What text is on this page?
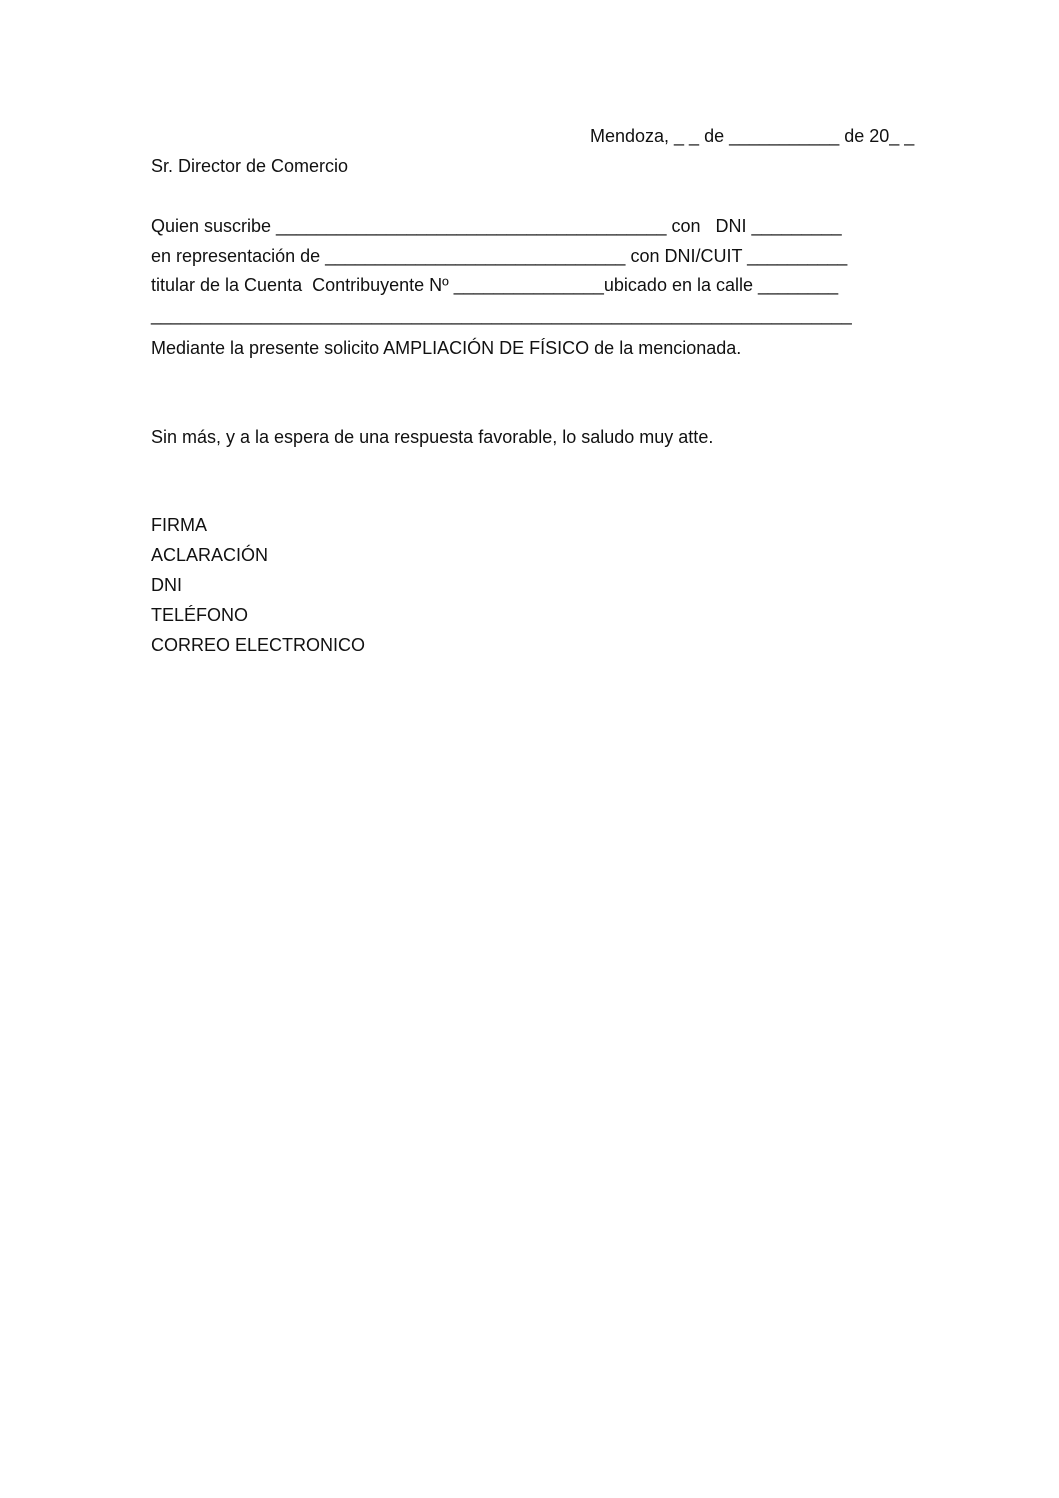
Mendoza, _ _ de ___________ de 20_ _
Sr. Director de Comercio
Quien suscribe _______________________________________ con   DNI _________
en representación de ______________________________ con DNI/CUIT __________
titular de la Cuenta  Contribuyente Nº _______________ubicado en la calle ________
______________________________________________________________________
Mediante la presente solicito AMPLIACIÓN DE FÍSICO de la mencionada.
Sin más, y a la espera de una respuesta favorable, lo saludo muy atte.
FIRMA
ACLARACIÓN
DNI
TELÉFONO
CORREO ELECTRONICO
